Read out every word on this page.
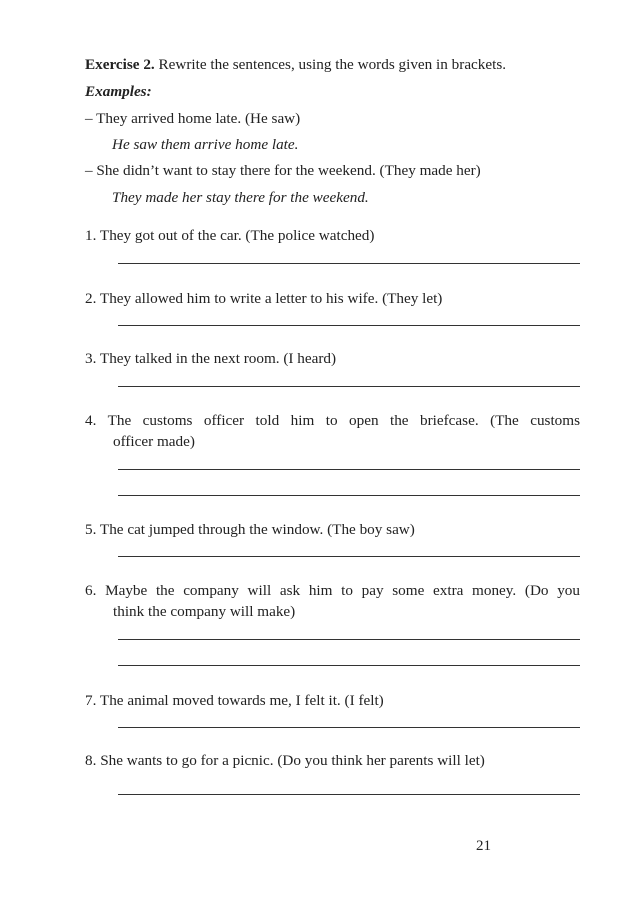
Exercise 2. Rewrite the sentences, using the words given in brackets.
Examples:
– They arrived home late. (He saw)
He saw them arrive home late.
– She didn’t want to stay there for the weekend. (They made her)
They made her stay there for the weekend.
1. They got out of the car. (The police watched)
2. They allowed him to write a letter to his wife. (They let)
3. They talked in the next room. (I heard)
4. The customs officer told him to open the briefcase. (The customs
officer made)
5. The cat jumped through the window. (The boy saw)
6. Maybe the company will ask him to pay some extra money. (Do you
think the company will make)
7. The animal moved towards me, I felt it. (I felt)
8. She wants to go for a picnic. (Do you think her parents will let)
21
